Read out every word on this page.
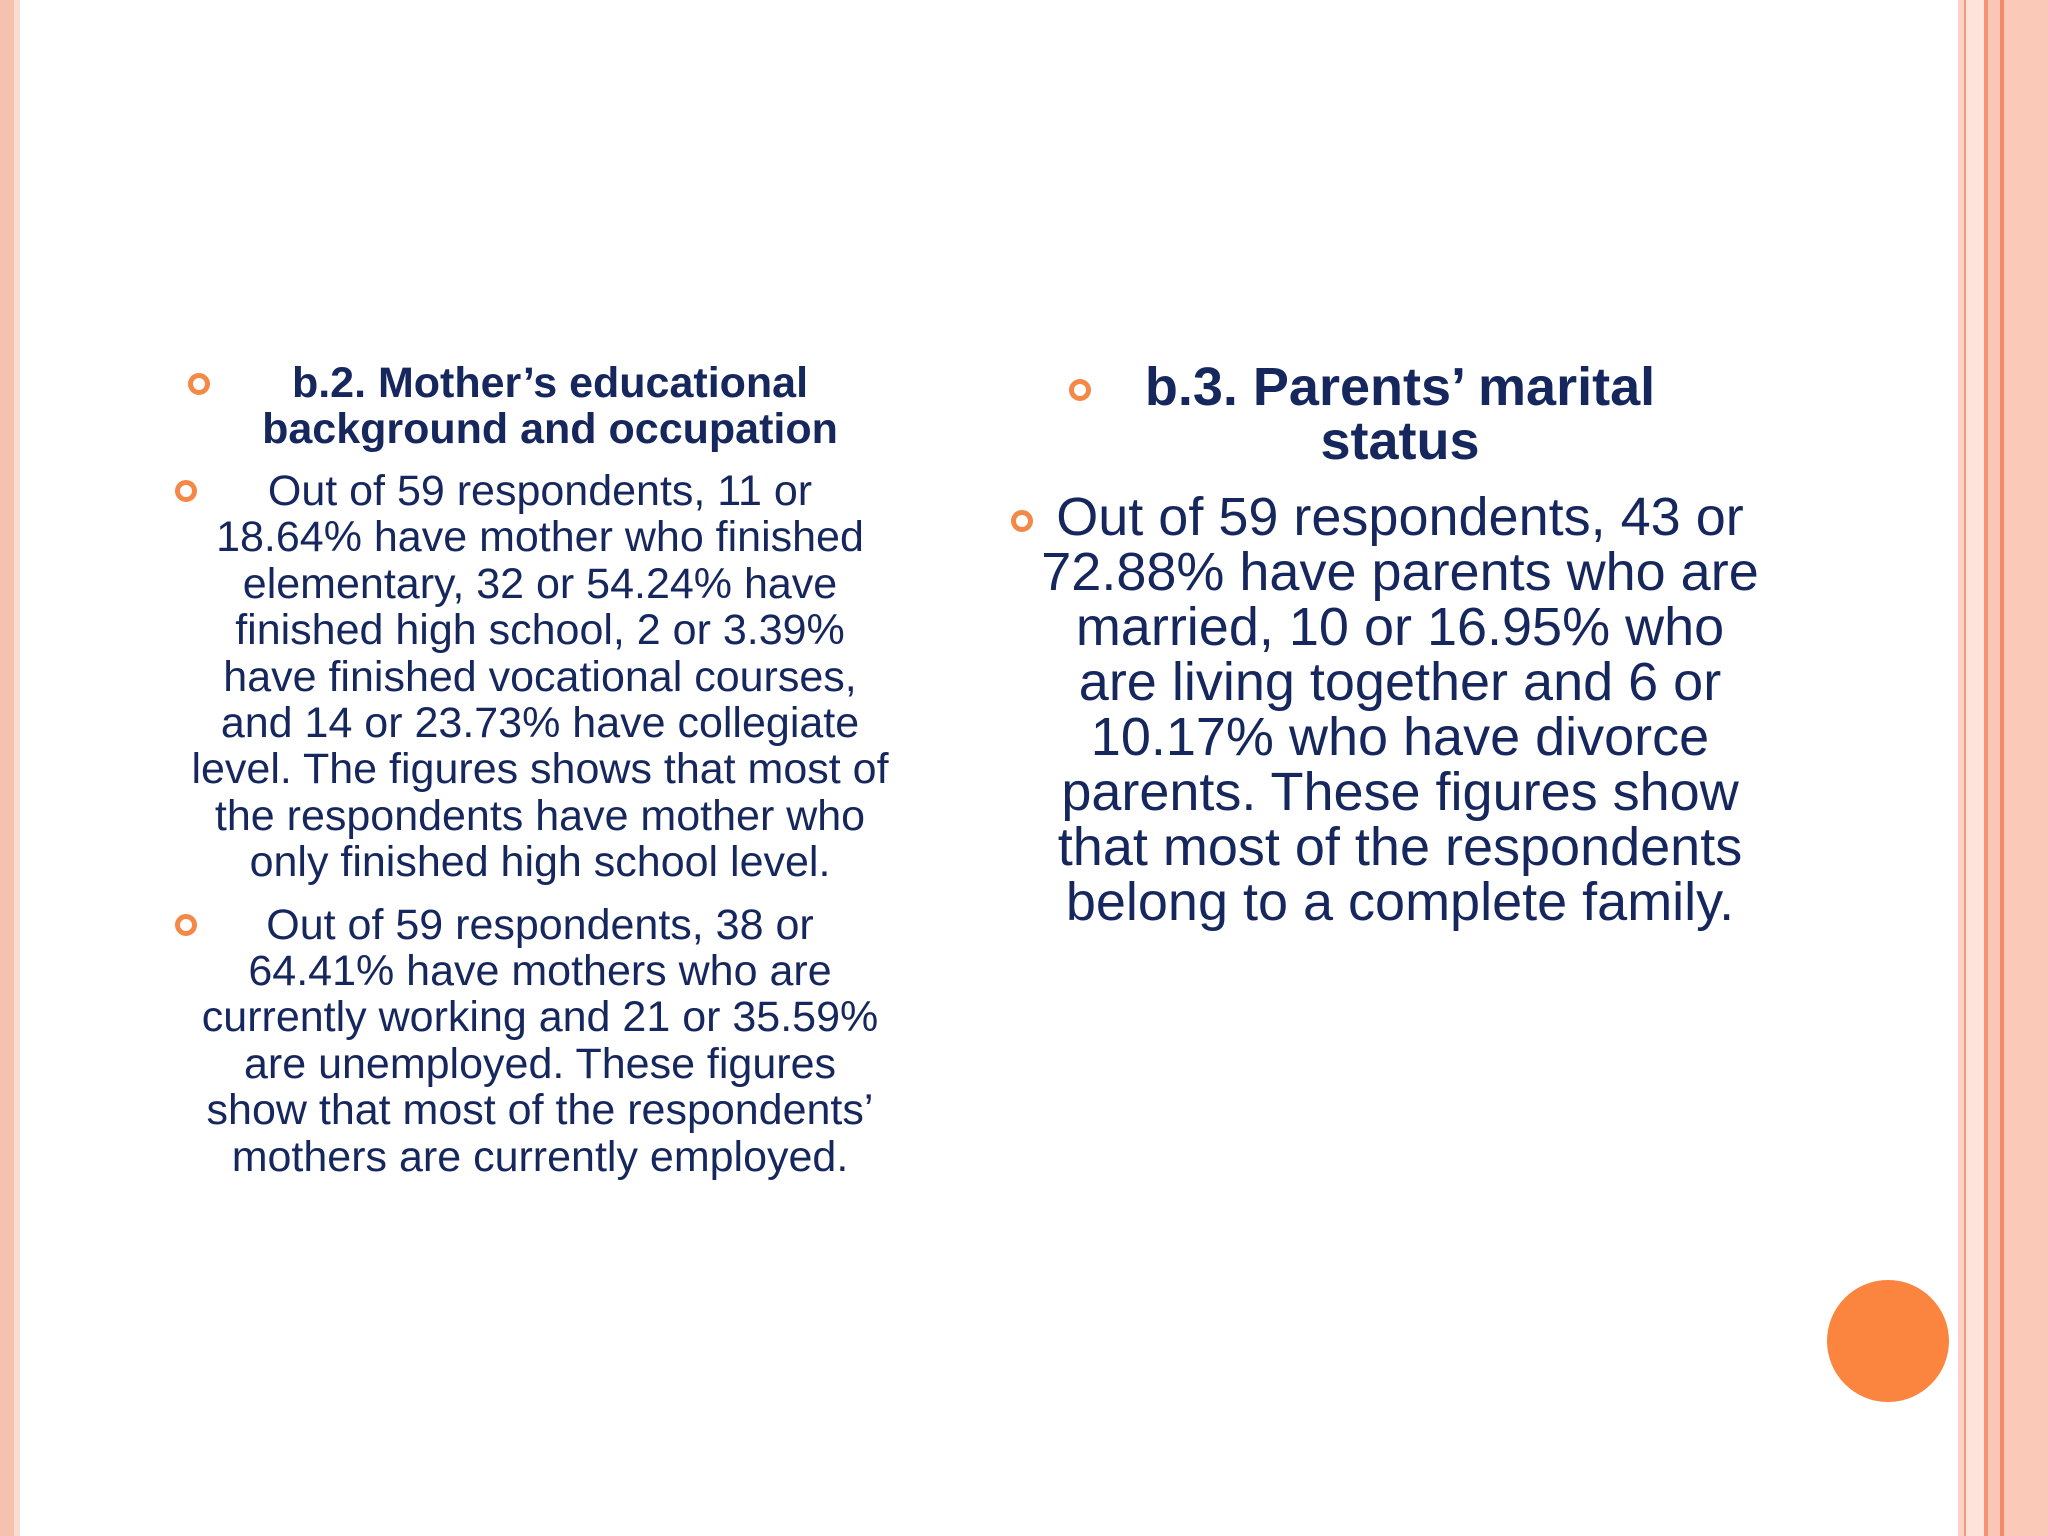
b.2. Mother’s educational background and occupation
Out of 59 respondents, 11 or 18.64% have mother who finished elementary, 32 or 54.24% have finished high school, 2 or 3.39% have finished vocational courses, and 14 or 23.73% have collegiate level. The figures shows that most of the respondents have mother who only finished high school level.
Out of 59 respondents, 38 or 64.41% have mothers who are currently working and 21 or 35.59% are unemployed. These figures show that most of the respondents’ mothers are currently employed.
b.3. Parents’ marital status
Out of 59 respondents, 43 or 72.88% have parents who are married, 10 or 16.95% who are living together and 6 or 10.17% who have divorce parents. These figures show that most of the respondents belong to a complete family.
